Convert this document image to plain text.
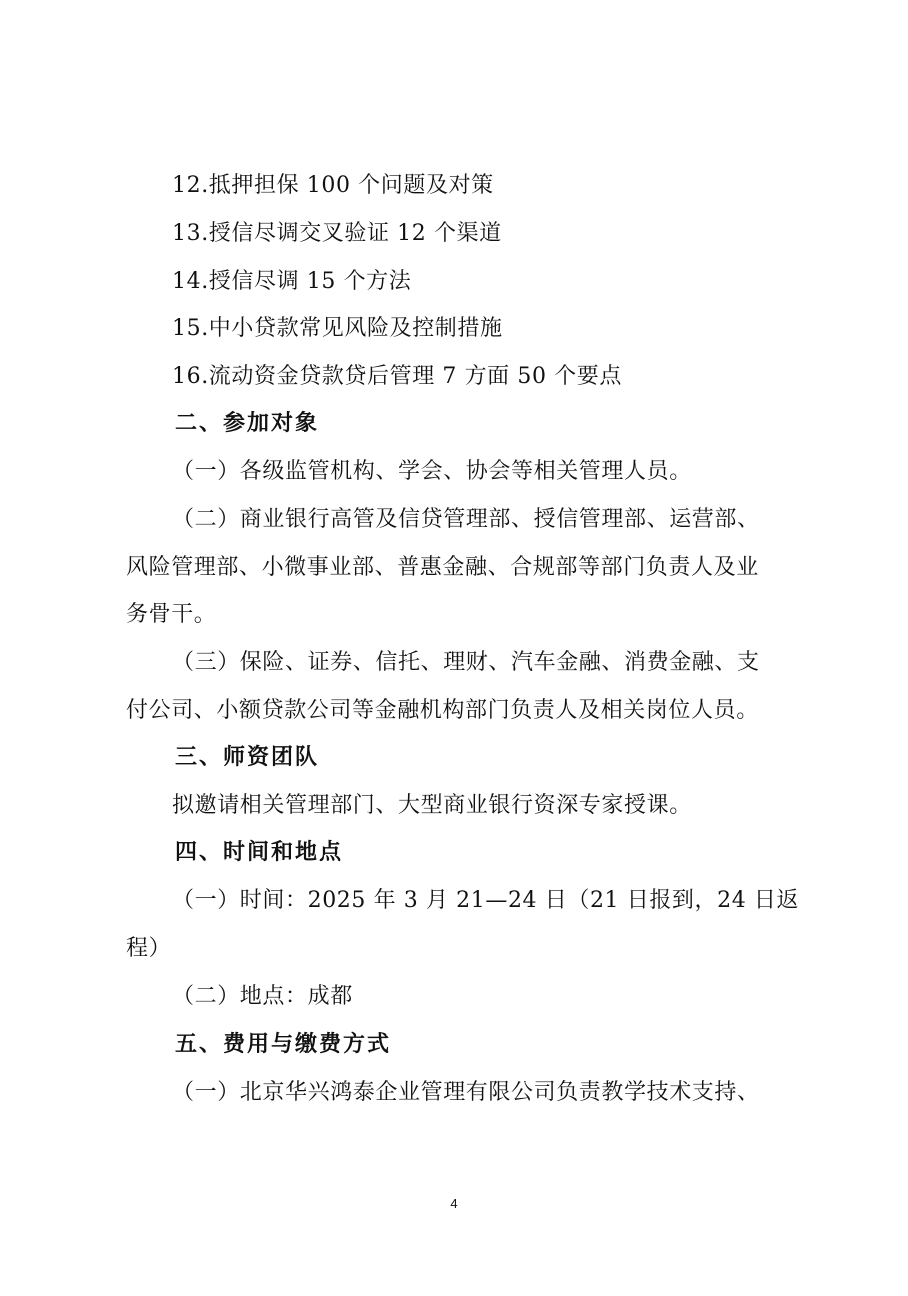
12.抵押担保 100 个问题及对策
13.授信尽调交叉验证 12 个渠道
14.授信尽调 15 个方法
15.中小贷款常见风险及控制措施
16.流动资金贷款贷后管理 7 方面 50 个要点
二、参加对象
（一）各级监管机构、学会、协会等相关管理人员。
（二）商业银行高管及信贷管理部、授信管理部、运营部、
风险管理部、小微事业部、普惠金融、合规部等部门负责人及业
务骨干。
（三）保险、证券、信托、理财、汽车金融、消费金融、支
付公司、小额贷款公司等金融机构部门负责人及相关岗位人员。
三、师资团队
拟邀请相关管理部门、大型商业银行资深专家授课。
四、时间和地点
（一）时间：2025 年 3 月 21—24 日（21 日报到，24 日返
程）
（二）地点：成都
五、费用与缴费方式
（一）北京华兴鸿泰企业管理有限公司负责教学技术支持、
4
